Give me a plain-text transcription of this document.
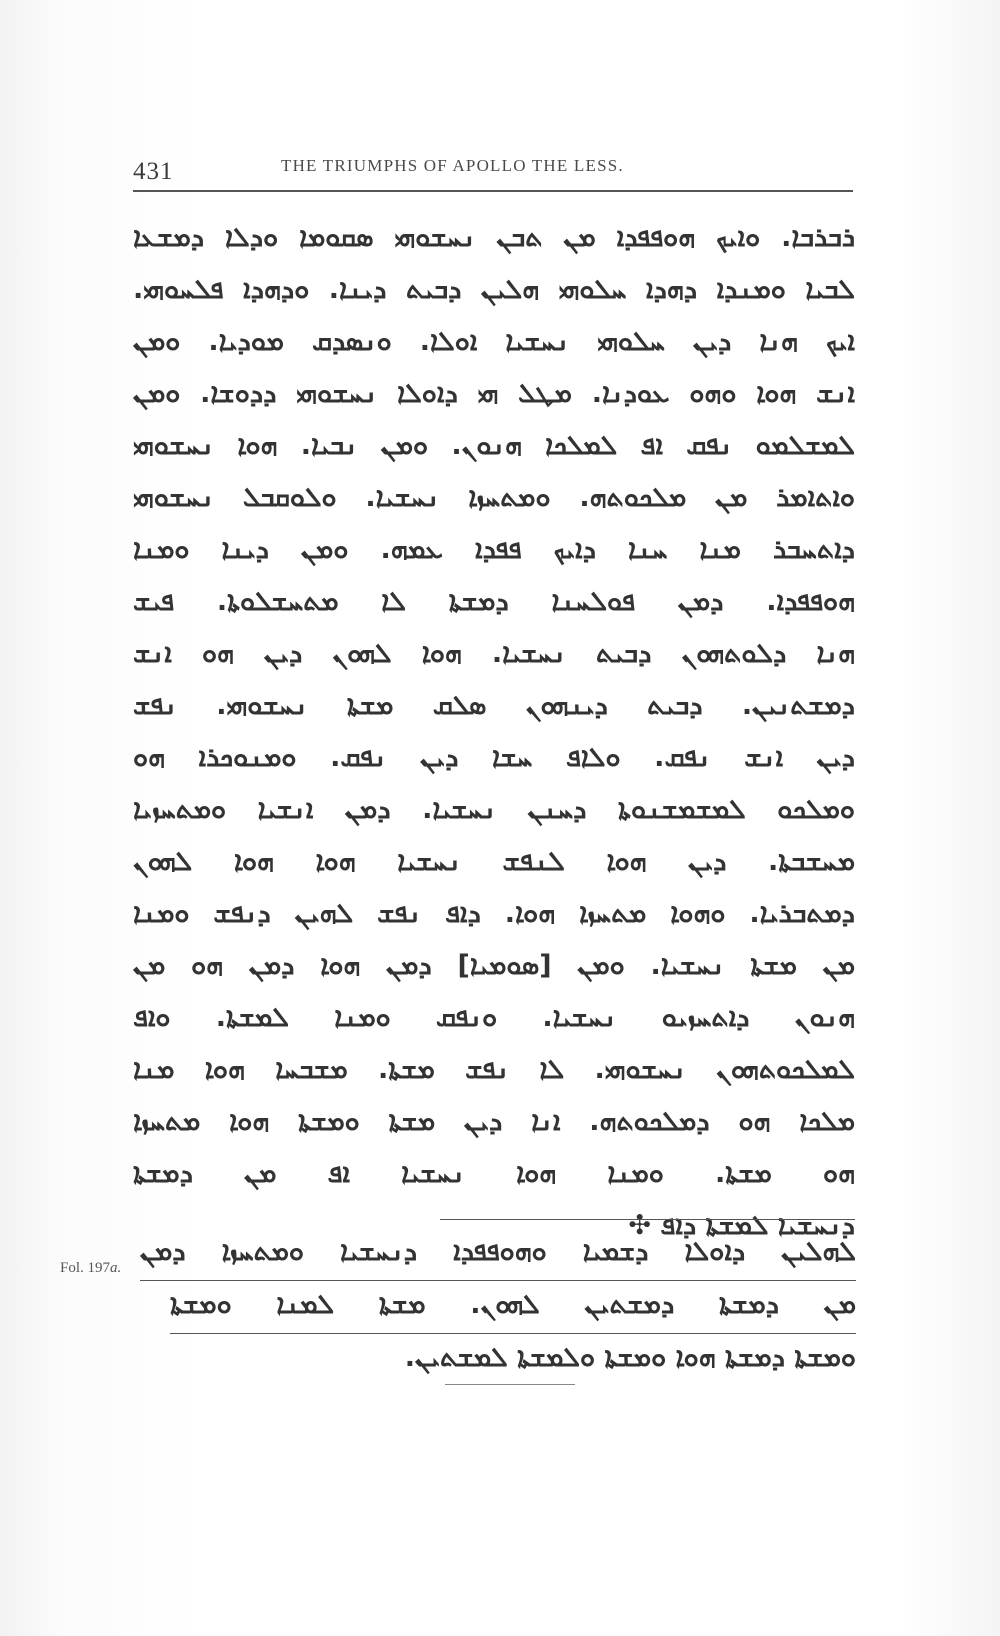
431	THE TRIUMPHS OF APOLLO THE LESS.
ܪܒܪܒܐ. ܘܐܝܟ ܗܘܦܦܕܐ ܡܢ ܬܒܢ ܢܚܫܘܗܝ ܣܩܘܡܐ ܘܕܠܐ ܕܡܫܥܐ
ܠܒܝܐ ܘܡܢܕܐ ܕܗܕܐ ܚܠܘܗܝ ܗܠܝܢ ܕܒܝܬ ܕܝܢܐ. ܘܕܗܕܐ ܦܠܚܘܗܝ.
ܐܝܟ ܗܢܐ ܕܝܢ ܚܠܘܗܝ ܢܚܫܝܐ ܐܘܠܐ. ܘܢܣܕܩ ܡܘܕܝܐ. ܘܡܢ
ܐܢܫ ܗܘܐ ܘܗܘ ܥܘܕܢܐ. ܡܛܠ ܗܝ ܕܐܘܠܐ ܢܚܫܘܗܝ ܕܕܘܫܐ. ܘܡܢ
ܠܡܫܠܡܘ ܢܦܩ ܐܦ ܠܡܠܟܐ ܗܢܘܢ. ܘܡܢ ܢܒܝܐ. ܗܘܐ ܢܚܫܘܗܝ
ܘܐܬܐܡܪ ܡܢ ܡܠܟܘܬܗ. ܘܡܬܚܙܐ ܢܚܫܝܐ. ܘܠܘܩܒܠ ܢܚܫܘܗܝ
ܕܐܬܚܒܪ ܡܢܐ ܚܢܐ ܕܐܝܟ ܦܦܕܐ ܥܡܗ. ܘܡܢ ܕܝܢܐ ܘܡܢܐ
ܗܘܦܦܕܐ. ܕܡܢ ܦܘܠܚܢܐ ܕܡܫܬܐ ܠܐ ܡܬܚܫܠܘܬܐ. ܦܝܫ
ܗܢܐ ܕܠܘܬܗܘܢ ܕܒܝܬ ܢܚܫܝܐ. ܗܘܐ ܠܗܘܢ ܕܝܢ ܗܘ ܐܢܫ
ܕܡܫܬܢܝܢ. ܕܒܝܬ ܕܝܢܗܘܢ ܣܠܩ ܡܫܬܐ ܢܚܫܘܗܝ. ܢܦܫ
ܕܝܢ ܐܢܫ ܢܦܩ. ܘܠܐܦ ܚܫܐ ܕܝܢ ܢܦܩ. ܘܡܢܘܟܪܐ ܗܘ
ܘܡܠܟܘ ܠܡܫܡܫܢܘܬܐ ܕܚܢܢ ܢܚܫܝܐ. ܕܡܢ ܐܢܫܝܐ ܘܡܬܚܙܝܐ
ܡܚܫܒܬܐ. ܕܝܢ ܗܘܐ ܠܢܦܫ ܢܚܫܝܐ ܗܘܐ ܗܘܐ ܠܗܘܢ
ܕܡܬܒܪܝܐ. ܘܗܘܐ ܡܬܚܙܐ ܗܘܐ. ܕܐܦ ܢܦܫ ܠܗܝܢ ܕܢܦܫ ܘܡܢܐ
ܡܢ ܡܫܬܐ ܢܚܫܝܐ. ܘܡܢ [ܣܘܡܝܐ] ܕܡܢ ܗܘܐ ܕܡܢ ܗܘ ܡܢ
ܗܢܘܢ ܕܐܬܚܙܝܘ ܢܚܫܝܐ. ܘܢܦܩ ܘܡܢܐ ܠܡܫܬܐ. ܘܐܦ
ܠܡܠܟܘܬܗܘܢ ܢܚܫܘܗܝ. ܠܐ ܢܦܫ ܡܫܬܐ. ܡܫܒܚܐ ܗܘܐ ܡܢܐ
ܡܠܟܐ ܗܘ ܕܡܠܟܘܬܗ. ܐܢܐ ܕܝܢ ܡܫܬܐ ܘܡܫܬܐ ܗܘܐ ܡܬܚܙܐ
ܗܘ ܡܫܬܐ. ܘܡܢܐ ܗܘܐ ܢܚܫܝܐ ܐܦ ܡܢ ܕܡܫܬܐ
ܕܢܚܫܝܐ ܠܡܫܬܐ ܕܐܦ ✣
Fol. 197a.
ܠܗܠܝܢ ܕܐܘܠܐ ܕܫܡܝܐ ܘܗܘܦܦܕܐ ܕܢܚܫܝܐ ܘܡܬܚܙܐ ܕܡܢ
ܡܢ ܕܡܫܬܐ ܕܡܫܬܝܢ ܠܗܘܢ. ܡܫܬܐ ܠܡܢܐ ܘܡܫܬܐ
ܘܡܫܬܐ ܕܡܫܬܐ ܗܘܐ ܘܡܫܬܐ ܘܠܡܫܬܐ ܠܡܫܬܝܢ.
